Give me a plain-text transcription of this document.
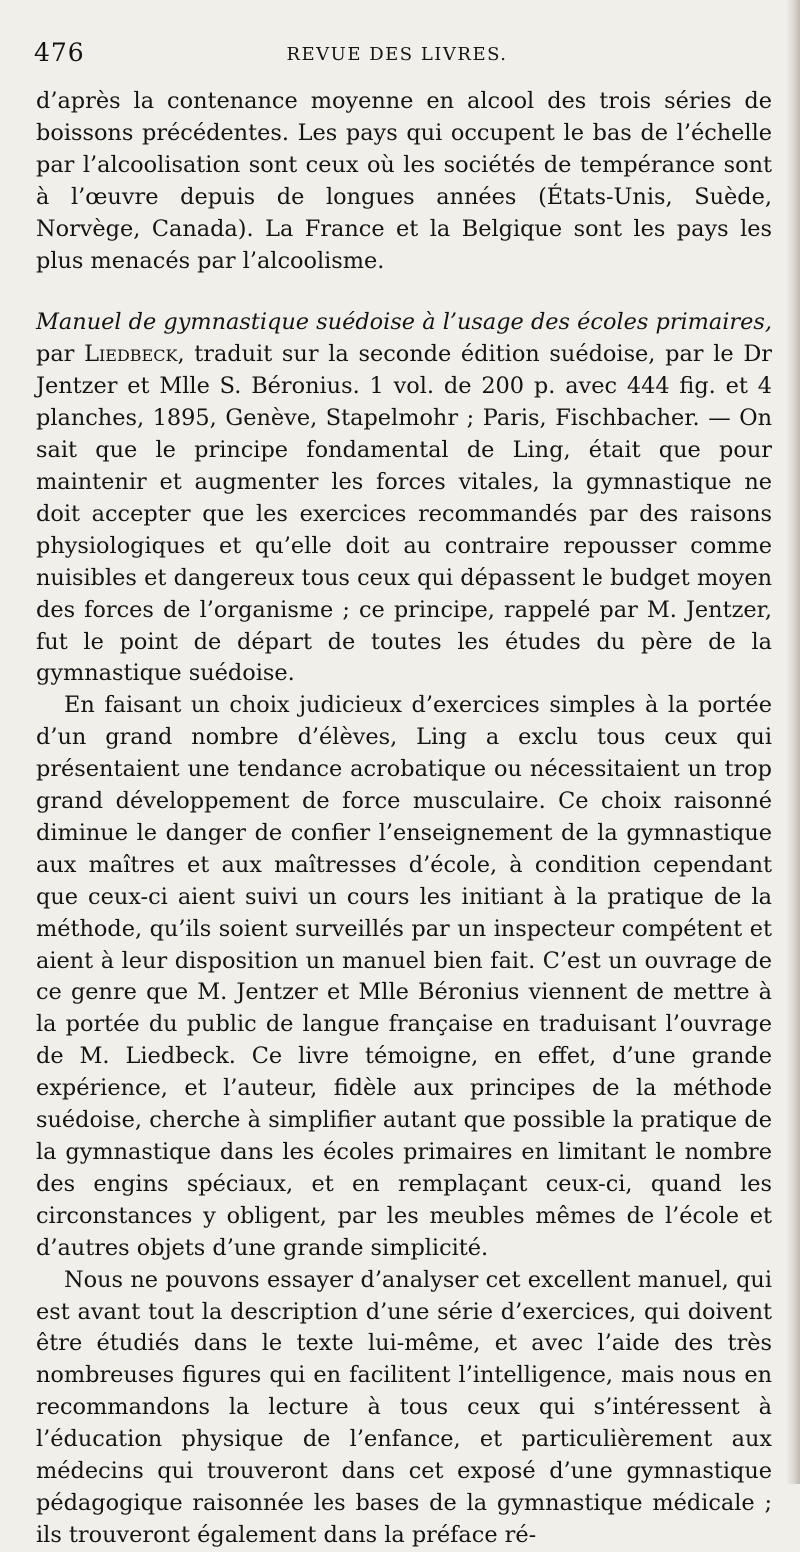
476	REVUE DES LIVRES.

d’après la contenance moyenne en alcool des trois séries de boissons précédentes. Les pays qui occupent le bas de l’échelle par l’alcoolisation sont ceux où les sociétés de tempérance sont à l’œuvre depuis de longues années (États-Unis, Suède, Norvège, Canada). La France et la Belgique sont les pays les plus menacés par l’alcoolisme.

Manuel de gymnastique suédoise à l’usage des écoles primaires, par Liedbeck, traduit sur la seconde édition suédoise, par le Dr Jentzer et Mlle S. Béronius. 1 vol. de 200 p. avec 444 fig. et 4 planches, 1895, Genève, Stapelmohr ; Paris, Fischbacher. — On sait que le principe fondamental de Ling, était que pour maintenir et augmenter les forces vitales, la gymnastique ne doit accepter que les exercices recommandés par des raisons physiologiques et qu’elle doit au contraire repousser comme nuisibles et dangereux tous ceux qui dépassent le budget moyen des forces de l’organisme ; ce principe, rappelé par M. Jentzer, fut le point de départ de toutes les études du père de la gymnastique suédoise.

En faisant un choix judicieux d’exercices simples à la portée d’un grand nombre d’élèves, Ling a exclu tous ceux qui présentaient une tendance acrobatique ou nécessitaient un trop grand développement de force musculaire. Ce choix raisonné diminue le danger de confier l’enseignement de la gymnastique aux maîtres et aux maîtresses d’école, à condition cependant que ceux-ci aient suivi un cours les initiant à la pratique de la méthode, qu’ils soient surveillés par un inspecteur compétent et aient à leur disposition un manuel bien fait. C’est un ouvrage de ce genre que M. Jentzer et Mlle Béronius viennent de mettre à la portée du public de langue française en traduisant l’ouvrage de M. Liedbeck. Ce livre témoigne, en effet, d’une grande expérience, et l’auteur, fidèle aux principes de la méthode suédoise, cherche à simplifier autant que possible la pratique de la gymnastique dans les écoles primaires en limitant le nombre des engins spéciaux, et en remplaçant ceux-ci, quand les circonstances y obligent, par les meubles mêmes de l’école et d’autres objets d’une grande simplicité.

Nous ne pouvons essayer d’analyser cet excellent manuel, qui est avant tout la description d’une série d’exercices, qui doivent être étudiés dans le texte lui-même, et avec l’aide des très nombreuses figures qui en facilitent l’intelligence, mais nous en recommandons la lecture à tous ceux qui s’intéressent à l’éducation physique de l’enfance, et particulièrement aux médecins qui trouveront dans cet exposé d’une gymnastique pédagogique raisonnée les bases de la gymnastique médicale ; ils trouveront également dans la préface ré-
